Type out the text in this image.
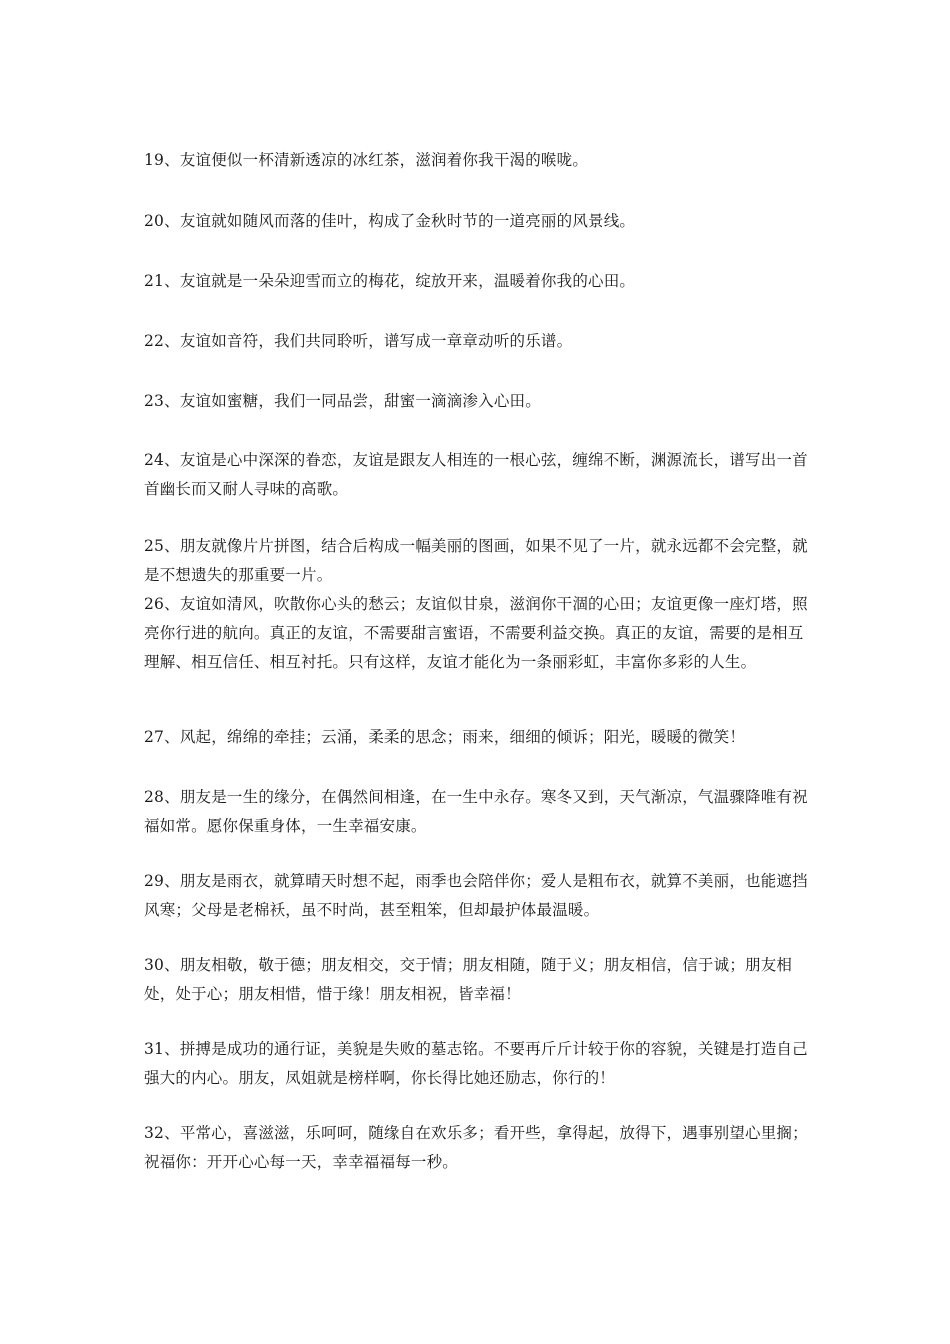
19、友谊便似一杯清新透凉的冰红茶，滋润着你我干渴的喉咙。

20、友谊就如随风而落的佳叶，构成了金秋时节的一道亮丽的风景线。

21、友谊就是一朵朵迎雪而立的梅花，绽放开来，温暖着你我的心田。

22、友谊如音符，我们共同聆听，谱写成一章章动听的乐谱。

23、友谊如蜜糖，我们一同品尝，甜蜜一滴滴渗入心田。

24、友谊是心中深深的眷恋，友谊是跟友人相连的一根心弦，缠绵不断，渊源流长，谱写出一首首幽长而又耐人寻味的高歌。

25、朋友就像片片拼图，结合后构成一幅美丽的图画，如果不见了一片，就永远都不会完整，就是不想遗失的那重要一片。

26、友谊如清风，吹散你心头的愁云；友谊似甘泉，滋润你干涸的心田；友谊更像一座灯塔，照亮你行进的航向。真正的友谊，不需要甜言蜜语，不需要利益交换。真正的友谊，需要的是相互理解、相互信任、相互衬托。只有这样，友谊才能化为一条丽彩虹，丰富你多彩的人生。

27、风起，绵绵的牵挂；云涌，柔柔的思念；雨来，细细的倾诉；阳光，暖暖的微笑！

28、朋友是一生的缘分，在偶然间相逢，在一生中永存。寒冬又到，天气渐凉，气温骤降唯有祝福如常。愿你保重身体，一生幸福安康。

29、朋友是雨衣，就算晴天时想不起，雨季也会陪伴你；爱人是粗布衣，就算不美丽，也能遮挡风寒；父母是老棉袄，虽不时尚，甚至粗笨，但却最护体最温暖。

30、朋友相敬，敬于德；朋友相交，交于情；朋友相随，随于义；朋友相信，信于诚；朋友相处，处于心；朋友相惜，惜于缘！朋友相祝，皆幸福！

31、拼搏是成功的通行证，美貌是失败的墓志铭。不要再斤斤计较于你的容貌，关键是打造自己强大的内心。朋友，凤姐就是榜样啊，你长得比她还励志，你行的！

32、平常心，喜滋滋，乐呵呵，随缘自在欢乐多；看开些，拿得起，放得下，遇事别望心里搁；祝福你：开开心心每一天，幸幸福福每一秒。
